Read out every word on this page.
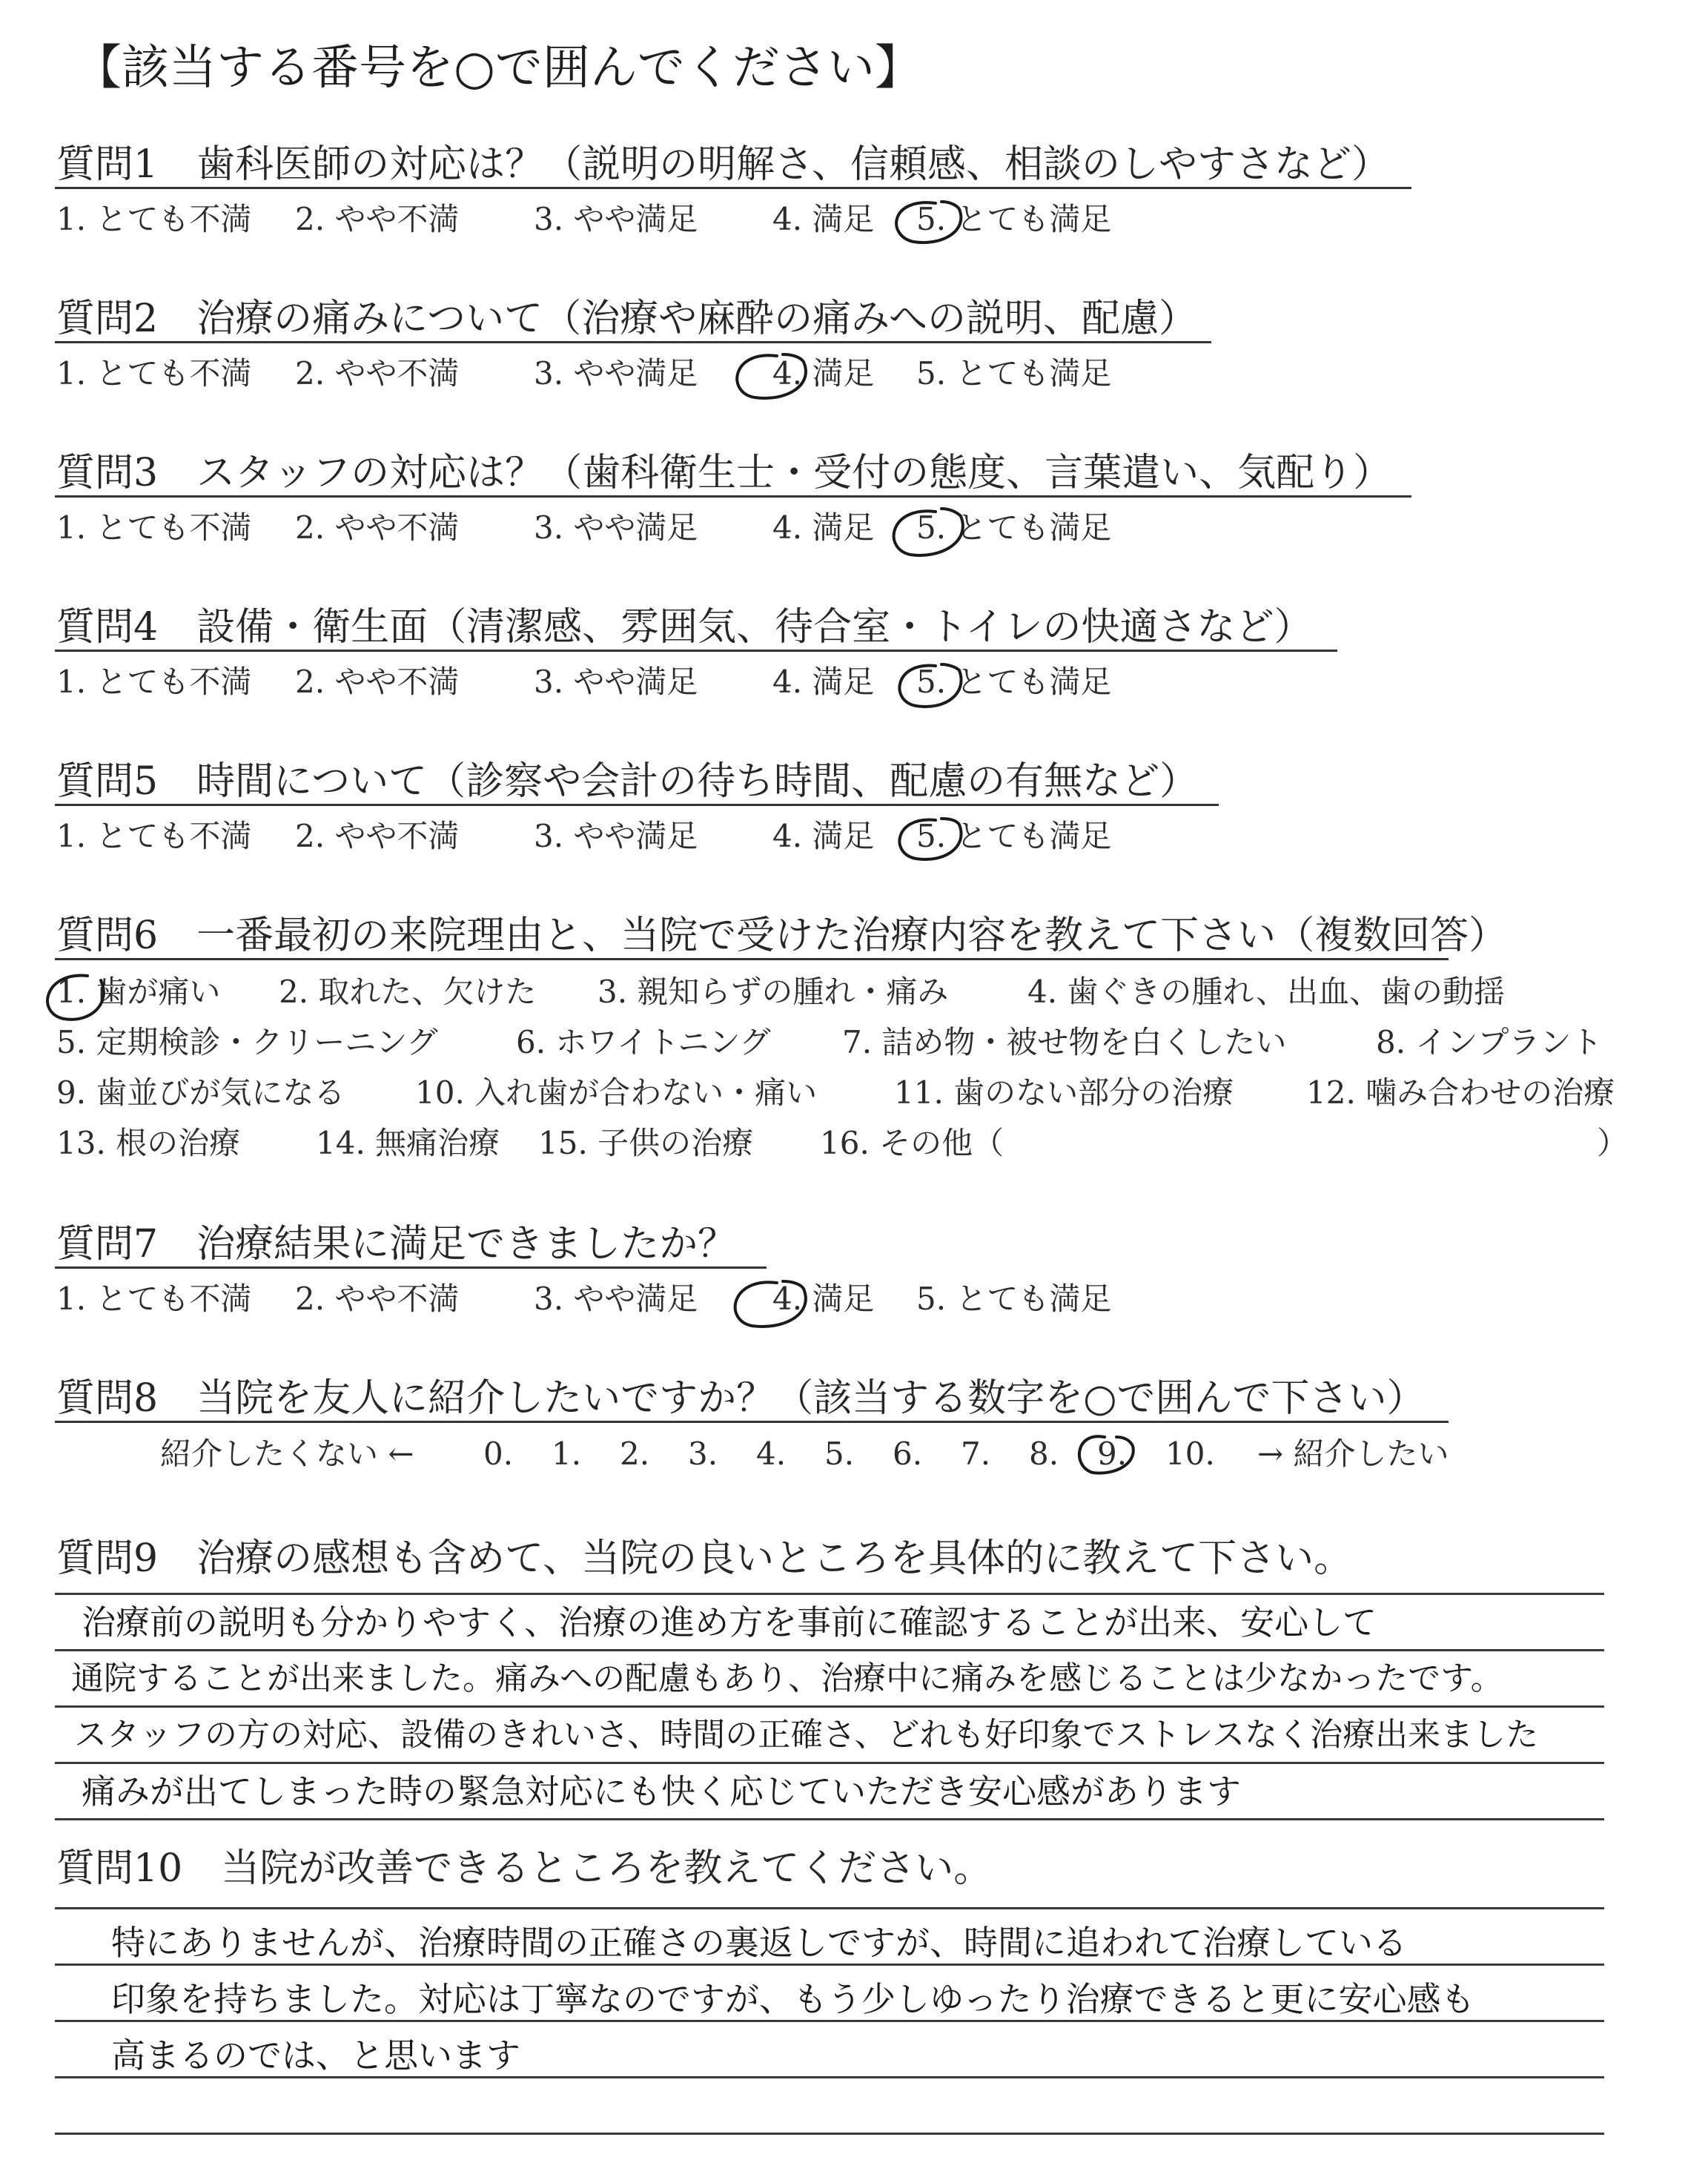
【該当する番号を○で囲んでください】
質問1　 歯科医師の対応は？（説明の明解さ、信頼感、相談のしやすさなど）
1. とても不満 2. やや不満 3. やや満足 4. 満足 5. とても満足
質問2　 治療の痛みについて（治療や麻酔の痛みへの説明、配慮）
1. とても不満 2. やや不満 3. やや満足 4. 満足 5. とても満足
質問3　 スタッフの対応は？（歯科衛生士・受付の態度、言葉遣い、気配り）
1. とても不満 2. やや不満 3. やや満足 4. 満足 5. とても満足
質問4　 設備・衛生面（清潔感、雰囲気、待合室・トイレの快適さなど）
1. とても不満 2. やや不満 3. やや満足 4. 満足 5. とても満足
質問5　 時間について（診察や会計の待ち時間、配慮の有無など）
1. とても不満 2. やや不満 3. やや満足 4. 満足 5. とても満足
質問6　 一番最初の来院理由と、当院で受けた治療内容を教えて下さい（複数回答）
1. 歯が痛い 2. 取れた、欠けた 3. 親知らずの腫れ・痛み	4. 歯ぐきの腫れ、出血、歯の動揺
5. 定期検診・クリーニング	6. ホワイトニング 7. 詰め物・被せ物を白くしたい	8. インプラント
9. 歯並びが気になる 10. 入れ歯が合わない・痛い 11. 歯のない部分の治療 12. 噛み合わせの治療
13. 根の治療 14. 無痛治療 15. 子供の治療 16. その他（	）
質問7　 治療結果に満足できましたか？
1. とても不満 2. やや不満 3. やや満足 4. 満足 5. とても満足
質問8　 当院を友人に紹介したいですか？（該当する数字を○で囲んで下さい）
紹介したくない ← 0. 1. 2. 3. 4. 5. 6. 7. 8. 9. 10. → 紹介したい
質問9　 治療の感想も含めて、当院の良いところを具体的に教えて下さい。
治療前の説明も分かりやすく、治療の進め方を事前に確認することが出来、安心して
通院することが出来ました。痛みへの配慮もあり、治療中に痛みを感じることは少なかったです。
スタッフの方の対応、設備のきれいさ、時間の正確さ、どれも好印象でストレスなく治療出来ました
痛みが出てしまった時の緊急対応にも快く応じていただき安心感があります
質問10　 当院が改善できるところを教えてください。
特にありませんが、治療時間の正確さの裏返しですが、時間に追われて治療している
印象を持ちました。対応は丁寧なのですが、もう少しゆったり治療できると更に安心感も
高まるのでは、と思います
